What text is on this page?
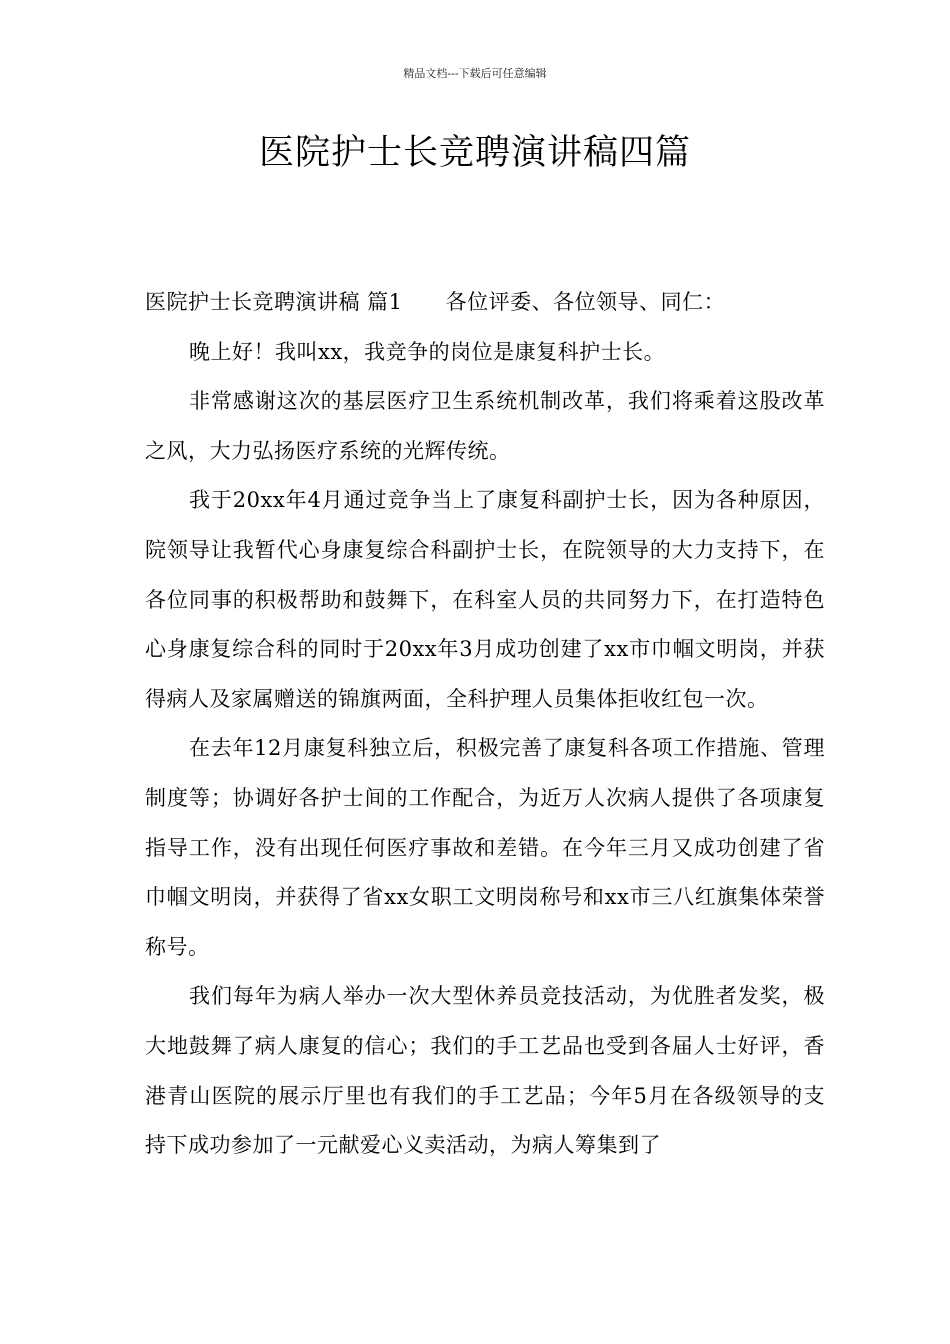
精品文档---下载后可任意编辑
医院护士长竞聘演讲稿四篇

医院护士长竞聘演讲稿 篇1 各位评委、各位领导、同仁：

晚上好！我叫xx，我竞争的岗位是康复科护士长。

非常感谢这次的基层医疗卫生系统机制改革，我们将乘着这股改革之风，大力弘扬医疗系统的光辉传统。

我于20xx年4月通过竞争当上了康复科副护士长，因为各种原因，院领导让我暂代心身康复综合科副护士长，在院领导的大力支持下，在各位同事的积极帮助和鼓舞下，在科室人员的共同努力下，在打造特色心身康复综合科的同时于20xx年3月成功创建了xx市巾帼文明岗，并获得病人及家属赠送的锦旗两面，全科护理人员集体拒收红包一次。

在去年12月康复科独立后，积极完善了康复科各项工作措施、管理制度等；协调好各护士间的工作配合，为近万人次病人提供了各项康复指导工作，没有出现任何医疗事故和差错。在今年三月又成功创建了省巾帼文明岗，并获得了省xx女职工文明岗称号和xx市三八红旗集体荣誉称号。

我们每年为病人举办一次大型休养员竞技活动，为优胜者发奖，极大地鼓舞了病人康复的信心；我们的手工艺品也受到各届人士好评，香港青山医院的展示厅里也有我们的手工艺品；今年5月在各级领导的支持下成功参加了一元献爱心义卖活动，为病人筹集到了
